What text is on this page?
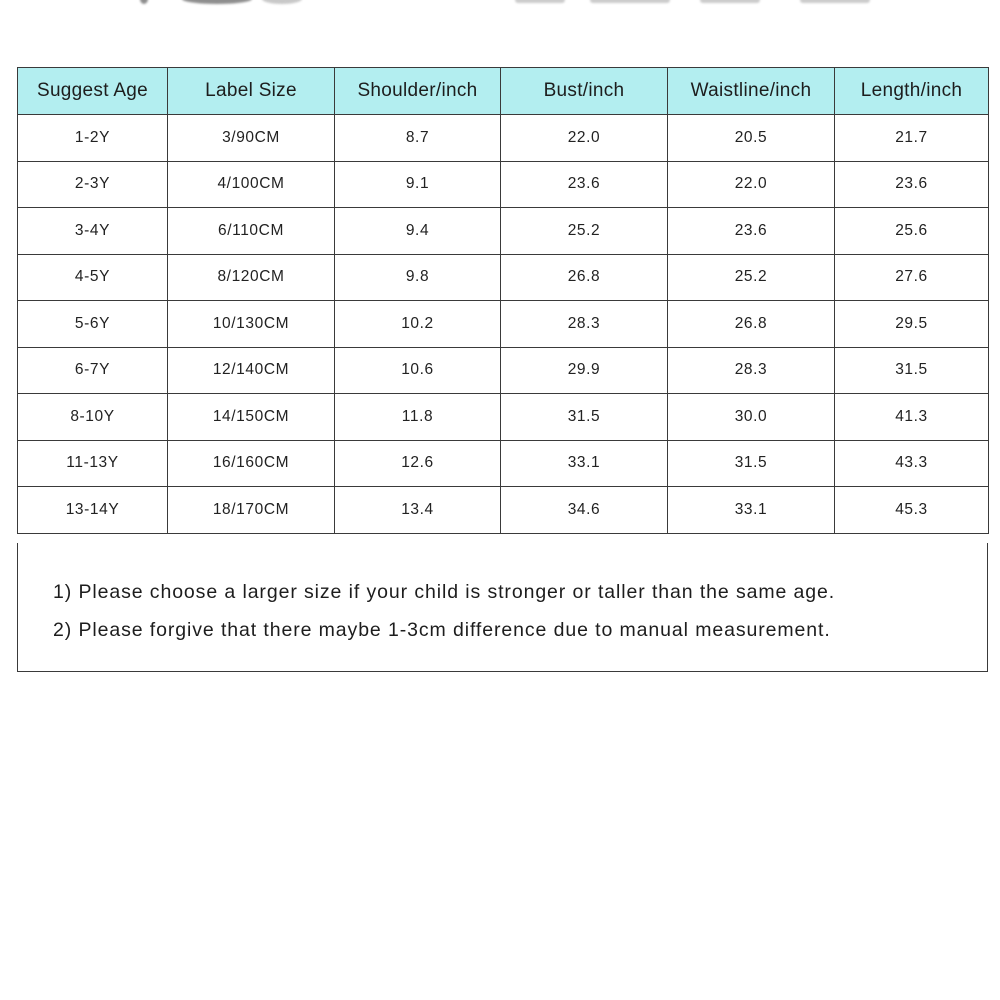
Suggest Age	Label Size	Shoulder/inch	Bust/inch	Waistline/inch	Length/inch
1-2Y	3/90CM	8.7	22.0	20.5	21.7
2-3Y	4/100CM	9.1	23.6	22.0	23.6
3-4Y	6/110CM	9.4	25.2	23.6	25.6
4-5Y	8/120CM	9.8	26.8	25.2	27.6
5-6Y	10/130CM	10.2	28.3	26.8	29.5
6-7Y	12/140CM	10.6	29.9	28.3	31.5
8-10Y	14/150CM	11.8	31.5	30.0	41.3
11-13Y	16/160CM	12.6	33.1	31.5	43.3
13-14Y	18/170CM	13.4	34.6	33.1	45.3
1) Please choose a larger size if your child is stronger or taller than the same age.
2) Please forgive that there maybe 1-3cm difference due to manual measurement.
